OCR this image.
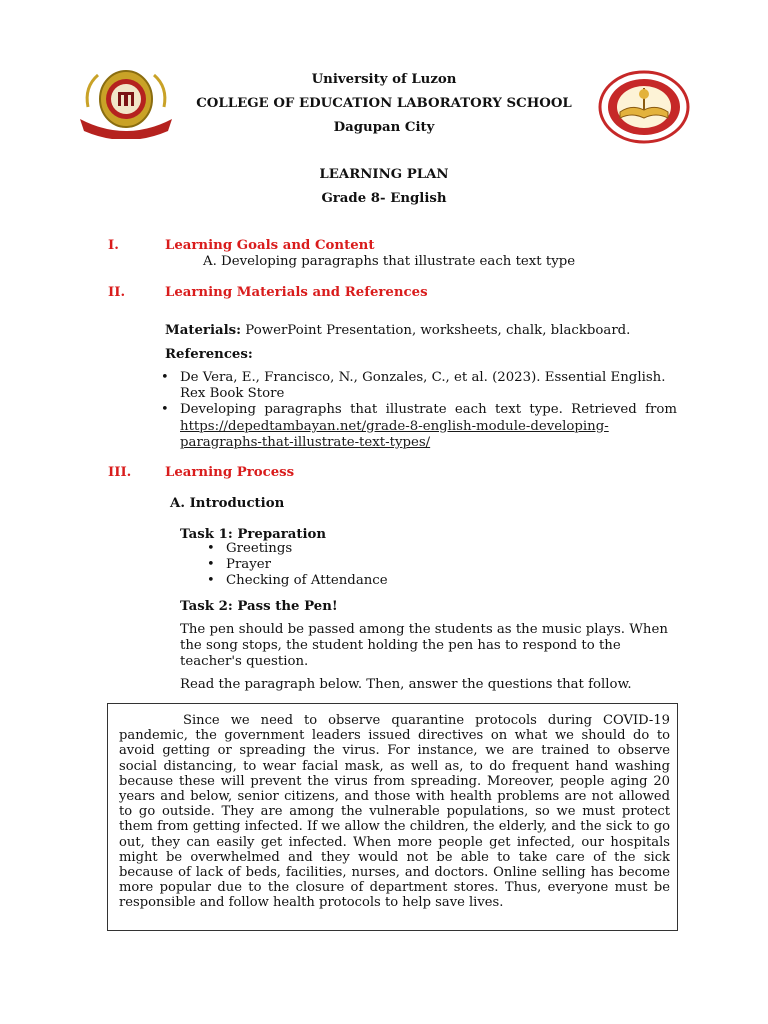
University of Luzon
COLLEGE OF EDUCATION LABORATORY SCHOOL
Dagupan City
LEARNING PLAN
Grade 8- English
I.	Learning Goals and Content
A. Developing paragraphs that illustrate each text type
II.	Learning Materials and References
Materials: PowerPoint Presentation, worksheets, chalk, blackboard.
References:
• De Vera, E., Francisco, N., Gonzales, C., et al. (2023). Essential English. Rex Book Store
• Developing paragraphs that illustrate each text type. Retrieved from https://depedtambayan.net/grade-8-english-module-developing-paragraphs-that-illustrate-text-types/
III.	Learning Process
A. Introduction
Task 1: Preparation
• Greetings
• Prayer
• Checking of Attendance
Task 2: Pass the Pen!
The pen should be passed among the students as the music plays. When the song stops, the student holding the pen has to respond to the teacher's question.
Read the paragraph below. Then, answer the questions that follow.

Since we need to observe quarantine protocols during COVID-19 pandemic, the government leaders issued directives on what we should do to avoid getting or spreading the virus. For instance, we are trained to observe social distancing, to wear facial mask, as well as, to do frequent hand washing because these will prevent the virus from spreading. Moreover, people aging 20 years and below, senior citizens, and those with health problems are not allowed to go outside. They are among the vulnerable populations, so we must protect them from getting infected. If we allow the children, the elderly, and the sick to go out, they can easily get infected. When more people get infected, our hospitals might be overwhelmed and they would not be able to take care of the sick because of lack of beds, facilities, nurses, and doctors. Online selling has become more popular due to the closure of department stores. Thus, everyone must be responsible and follow health protocols to help save lives.
